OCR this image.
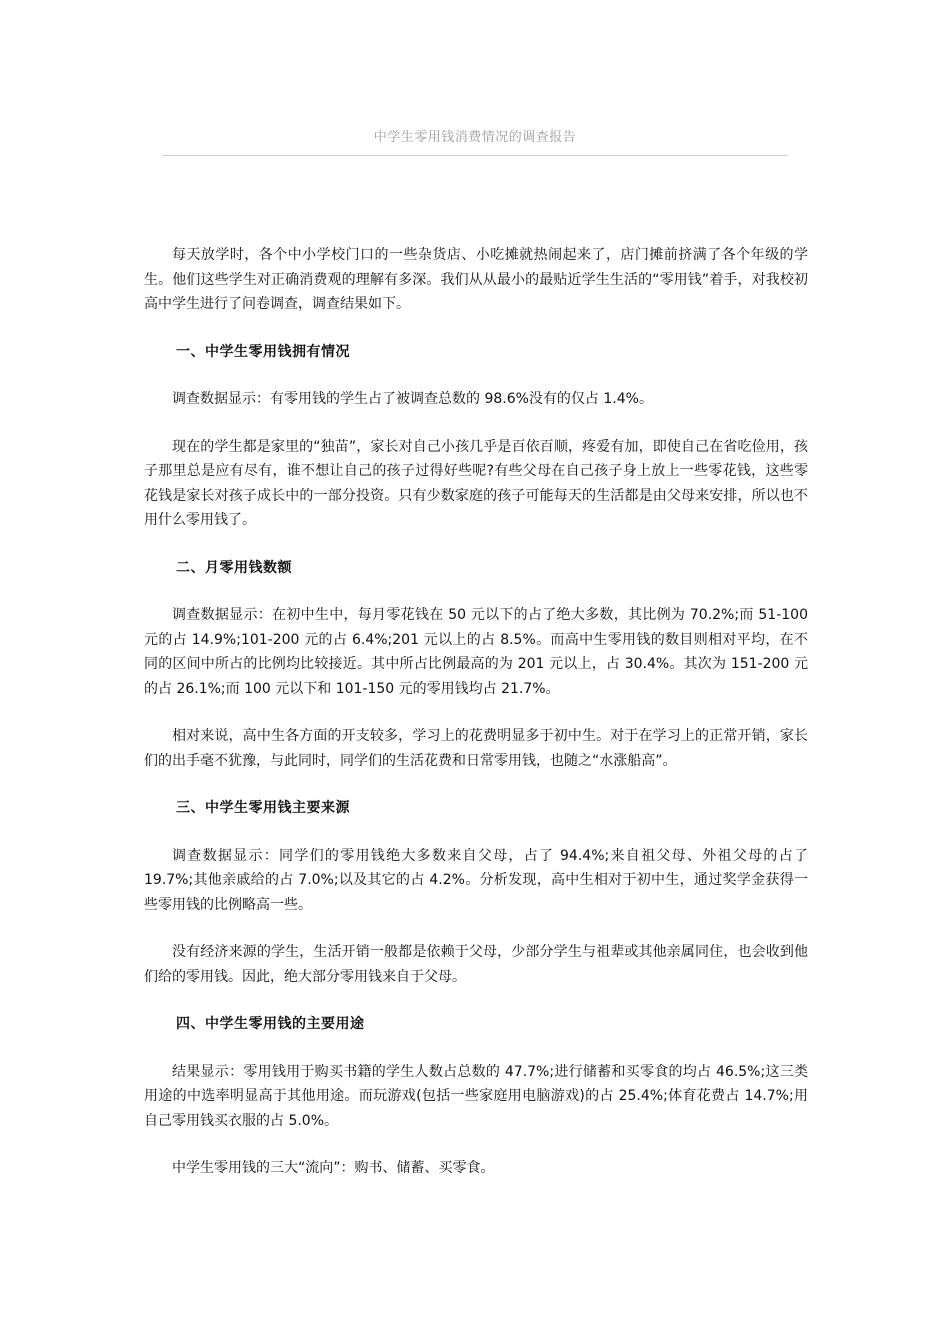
中学生零用钱消费情况的调查报告

每天放学时，各个中小学校门口的一些杂货店、小吃摊就热闹起来了，店门摊前挤满了各个年级的学生。他们这些学生对正确消费观的理解有多深。我们从从最小的最贴近学生生活的“零用钱”着手，对我校初高中学生进行了问卷调查，调查结果如下。

一、中学生零用钱拥有情况

调查数据显示：有零用钱的学生占了被调查总数的 98.6%没有的仅占 1.4%。

现在的学生都是家里的“独苗”，家长对自己小孩几乎是百依百顺，疼爱有加，即使自己在省吃俭用，孩子那里总是应有尽有，谁不想让自己的孩子过得好些呢?有些父母在自己孩子身上放上一些零花钱，这些零花钱是家长对孩子成长中的一部分投资。只有少数家庭的孩子可能每天的生活都是由父母来安排，所以也不用什么零用钱了。

二、月零用钱数额

调查数据显示：在初中生中，每月零花钱在 50 元以下的占了绝大多数，其比例为 70.2%;而 51-100 元的占 14.9%;101-200 元的占 6.4%;201 元以上的占 8.5%。而高中生零用钱的数目则相对平均，在不同的区间中所占的比例均比较接近。其中所占比例最高的为 201 元以上，占 30.4%。其次为 151-200 元的占 26.1%;而 100 元以下和 101-150 元的零用钱均占 21.7%。

相对来说，高中生各方面的开支较多，学习上的花费明显多于初中生。对于在学习上的正常开销，家长们的出手毫不犹豫，与此同时，同学们的生活花费和日常零用钱，也随之“水涨船高”。

三、中学生零用钱主要来源

调查数据显示：同学们的零用钱绝大多数来自父母，占了 94.4%;来自祖父母、外祖父母的占了 19.7%;其他亲戚给的占 7.0%;以及其它的占 4.2%。分析发现，高中生相对于初中生，通过奖学金获得一些零用钱的比例略高一些。

没有经济来源的学生，生活开销一般都是依赖于父母，少部分学生与祖辈或其他亲属同住，也会收到他们给的零用钱。因此，绝大部分零用钱来自于父母。

四、中学生零用钱的主要用途

结果显示：零用钱用于购买书籍的学生人数占总数的 47.7%;进行储蓄和买零食的均占 46.5%;这三类用途的中选率明显高于其他用途。而玩游戏(包括一些家庭用电脑游戏)的占 25.4%;体育花费占 14.7%;用自己零用钱买衣服的占 5.0%。

中学生零用钱的三大“流向”：购书、储蓄、买零食。
